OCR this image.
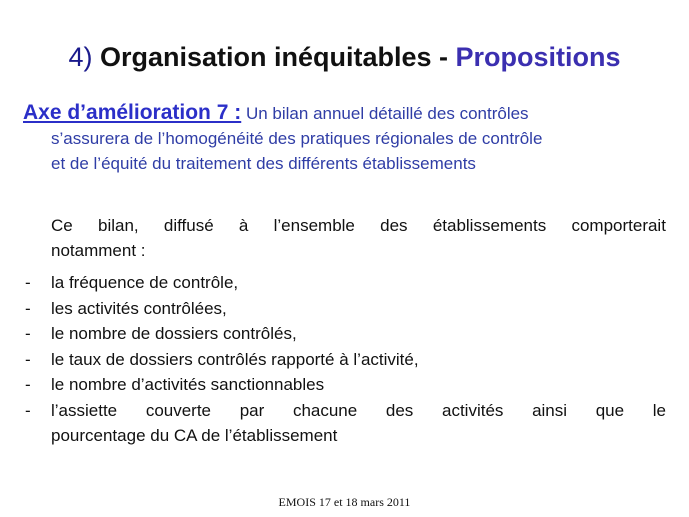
4) Organisation inéquitables - Propositions
Axe d’amélioration 7 : Un bilan annuel détaillé des contrôles
s’assurera de l’homogénéité des pratiques régionales de contrôle
et de l’équité du traitement des différents établissements
Ce bilan, diffusé à l’ensemble des établissements comporterait
notamment :
- la fréquence de contrôle,
- les activités contrôlées,
- le nombre de dossiers contrôlés,
- le taux de dossiers contrôlés rapporté à l’activité,
- le nombre d’activités sanctionnables
- l’assiette couverte par chacune des activités ainsi que le
pourcentage du CA de l’établissement
EMOIS 17 et 18 mars 2011
